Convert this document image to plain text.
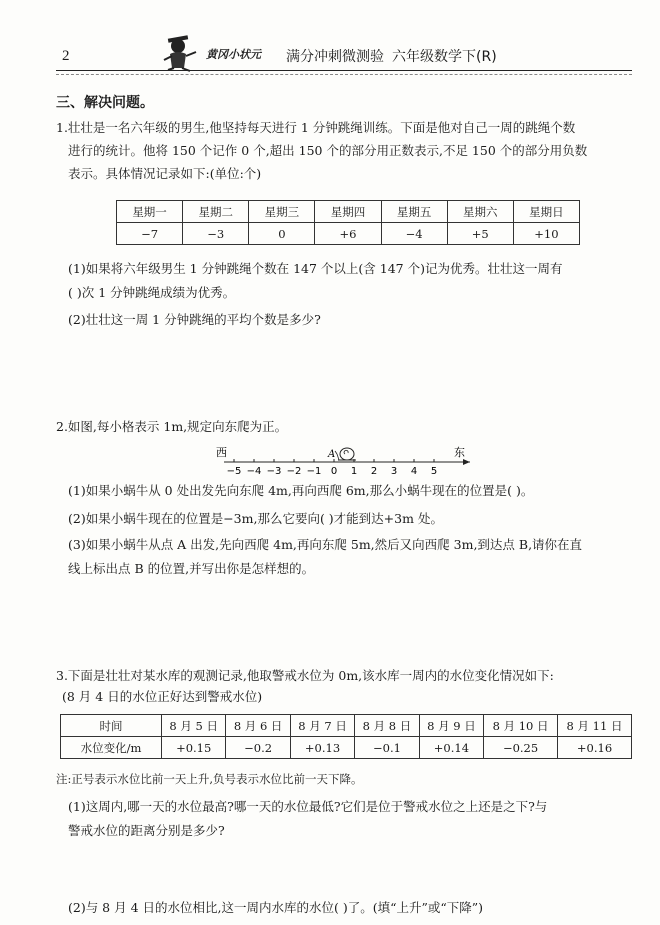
2	黄冈小状元 满分冲刺微测验 六年级数学下(R)
三、解决问题。
1.壮壮是一名六年级的男生,他坚持每天进行 1 分钟跳绳训练。下面是他对自己一周的跳绳个数
进行的统计。他将 150 个记作 0 个,超出 150 个的部分用正数表示,不足 150 个的部分用负数
表示。具体情况记录如下:(单位:个)
星期一	星期二	星期三	星期四	星期五	星期六	星期日
−7	−3	0	+6	−4	+5	+10
(1)如果将六年级男生 1 分钟跳绳个数在 147 个以上(含 147 个)记为优秀。壮壮这一周有
( )次 1 分钟跳绳成绩为优秀。
(2)壮壮这一周 1 分钟跳绳的平均个数是多少?
2.如图,每小格表示 1m,规定向东爬为正。
西	东
−5 −4 −3 −2 −1 0 1 2 3 4 5
A
(1)如果小蜗牛从 0 处出发先向东爬 4m,再向西爬 6m,那么小蜗牛现在的位置是( )。
(2)如果小蜗牛现在的位置是−3m,那么它要向( )才能到达+3m 处。
(3)如果小蜗牛从点 A 出发,先向西爬 4m,再向东爬 5m,然后又向西爬 3m,到达点 B,请你在直
线上标出点 B 的位置,并写出你是怎样想的。
3.下面是壮壮对某水库的观测记录,他取警戒水位为 0m,该水库一周内的水位变化情况如下:
(8 月 4 日的水位正好达到警戒水位)
时间	8 月 5 日	8 月 6 日	8 月 7 日	8 月 8 日	8 月 9 日	8 月 10 日	8 月 11 日
水位变化/m	+0.15	−0.2	+0.13	−0.1	+0.14	−0.25	+0.16
注:正号表示水位比前一天上升,负号表示水位比前一天下降。
(1)这周内,哪一天的水位最高?哪一天的水位最低?它们是位于警戒水位之上还是之下?与
警戒水位的距离分别是多少?
(2)与 8 月 4 日的水位相比,这一周内水库的水位( )了。(填“上升”或“下降”)
